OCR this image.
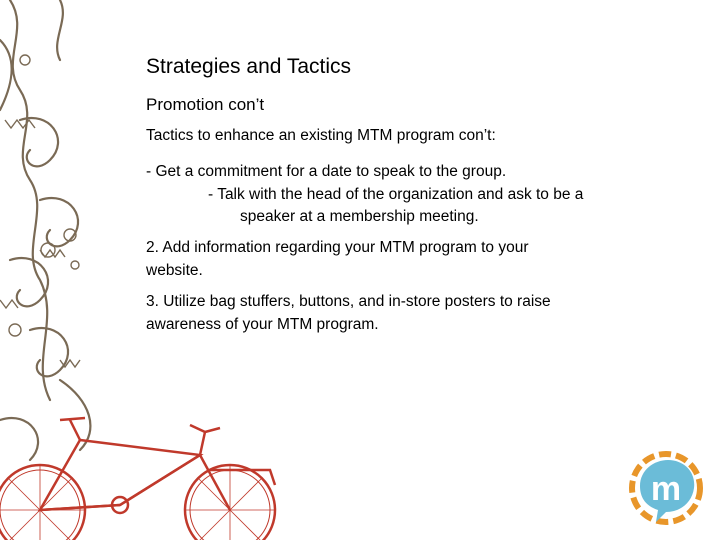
Strategies and Tactics
Promotion con’t
Tactics to enhance an existing MTM program con’t:
- Get a commitment for a date to speak to the group.
- Talk with the head of the organization and ask to be a
speaker at a membership meeting.
2. Add information regarding your MTM program to your
website.
3. Utilize bag stuffers, buttons, and in-store posters to raise
awareness of your MTM program.
m
